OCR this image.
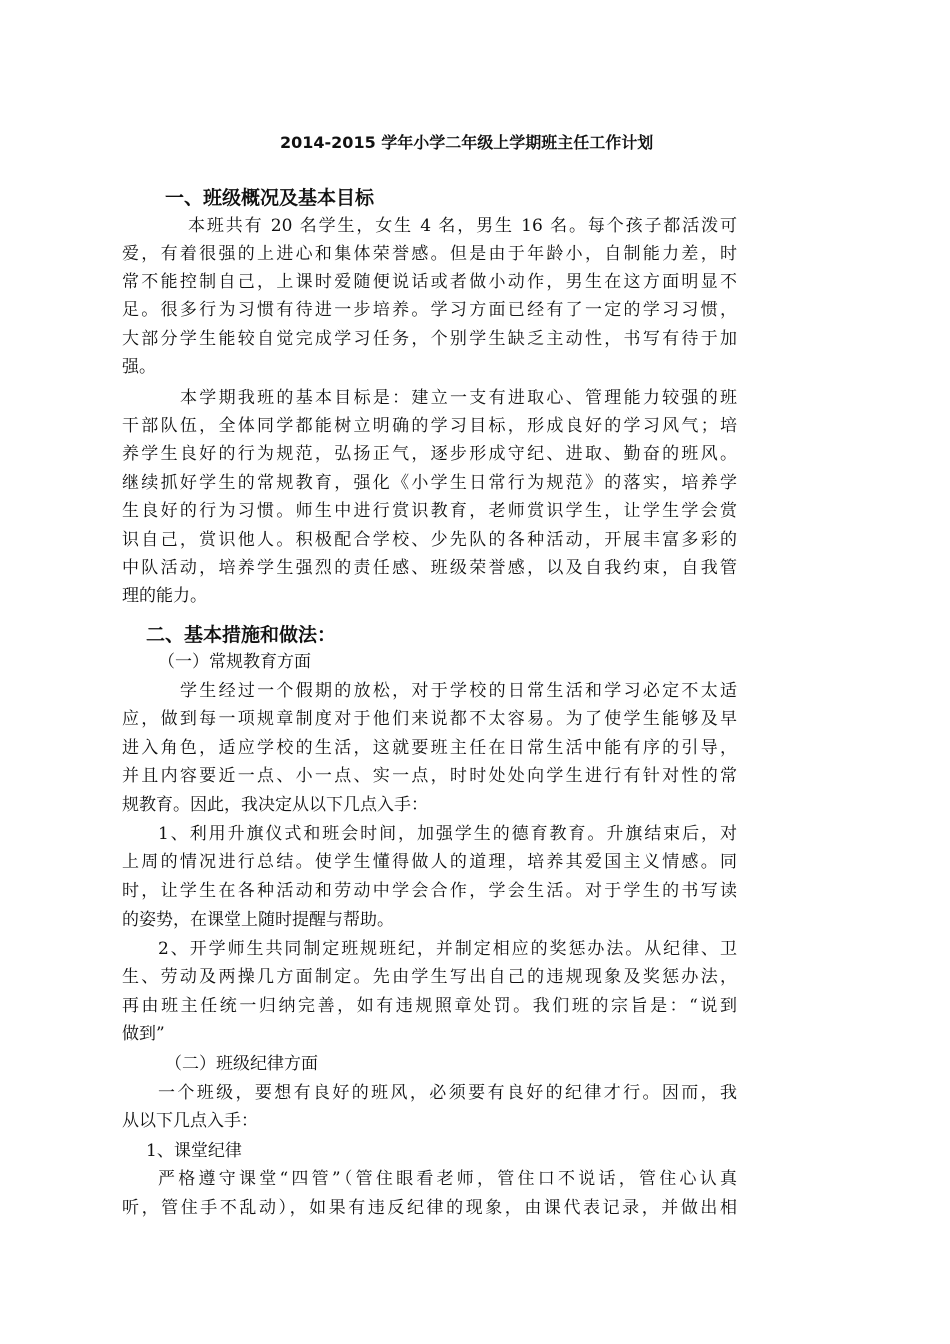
2014-2015 学年小学二年级上学期班主任工作计划
一、班级概况及基本目标

本班共有 20 名学生，女生 4 名，男生 16 名。每个孩子都活泼可

爱，有着很强的上进心和集体荣誉感。但是由于年龄小，自制能力差，时

常不能控制自己，上课时爱随便说话或者做小动作，男生在这方面明显不

足。很多行为习惯有待进一步培养。学习方面已经有了一定的学习习惯，

大部分学生能较自觉完成学习任务，个别学生缺乏主动性，书写有待于加

强。

本学期我班的基本目标是：建立一支有进取心、管理能力较强的班

干部队伍，全体同学都能树立明确的学习目标，形成良好的学习风气；培

养学生良好的行为规范，弘扬正气，逐步形成守纪、进取、勤奋的班风。

继续抓好学生的常规教育，强化《小学生日常行为规范》的落实，培养学

生良好的行为习惯。师生中进行赏识教育，老师赏识学生，让学生学会赏

识自己，赏识他人。积极配合学校、少先队的各种活动，开展丰富多彩的

中队活动，培养学生强烈的责任感、班级荣誉感，以及自我约束，自我管

理的能力。

二、基本措施和做法：

（一）常规教育方面

学生经过一个假期的放松，对于学校的日常生活和学习必定不太适

应，做到每一项规章制度对于他们来说都不太容易。为了使学生能够及早

进入角色，适应学校的生活，这就要班主任在日常生活中能有序的引导，

并且内容要近一点、小一点、实一点，时时处处向学生进行有针对性的常

规教育。因此，我决定从以下几点入手：

1、利用升旗仪式和班会时间，加强学生的德育教育。升旗结束后，对

上周的情况进行总结。使学生懂得做人的道理，培养其爱国主义情感。同

时，让学生在各种活动和劳动中学会合作，学会生活。对于学生的书写读

的姿势，在课堂上随时提醒与帮助。

2、开学师生共同制定班规班纪，并制定相应的奖惩办法。从纪律、卫

生、劳动及两操几方面制定。先由学生写出自己的违规现象及奖惩办法，

再由班主任统一归纳完善，如有违规照章处罚。我们班的宗旨是：“说到

做到”

（二）班级纪律方面

一个班级，要想有良好的班风，必须要有良好的纪律才行。因而，我

从以下几点入手：

1、课堂纪律

严格遵守课堂“四管”（管住眼看老师，管住口不说话，管住心认真

听，管住手不乱动），如果有违反纪律的现象，由课代表记录，并做出相
